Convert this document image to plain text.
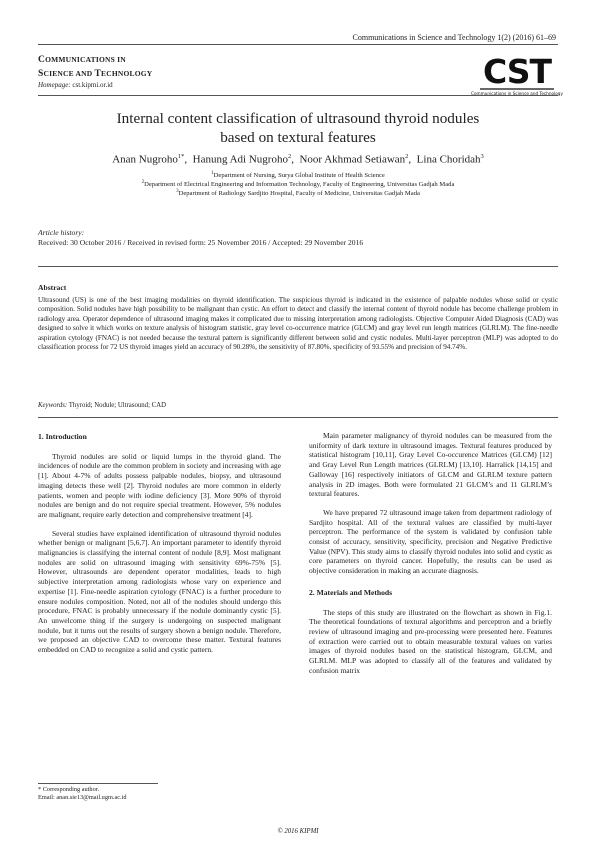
Communications in Science and Technology 1(2) (2016) 61–69
COMMUNICATIONS IN
SCIENCE AND TECHNOLOGY
Homepage: cst.kipmi.or.id	CST
Communications in Science and Technology
Internal content classification of ultrasound thyroid nodules
based on textural features
Anan Nugroho$^{1*}$,  Hanung Adi Nugroho$^2$,  Noor Akhmad Setiawan$^2$,  Lina Choridah$^3$
$^1$Department of Nursing, Surya Global Institute of Health Science
$^2$Department of Electrical Engineering and Information Technology, Faculty of Engineering, Universitas Gadjah Mada
$^3$Department of Radiology Sardjito Hospital, Faculty of Medicine, Universitas Gadjah Mada
Article history:
Received: 30 October 2016 / Received in revised form: 25 November 2016 / Accepted: 29 November 2016
Abstract
Ultrasound (US) is one of the best imaging modalities on thyroid identification. The suspicious thyroid is indicated in the existence of palpable nodules whose solid or cystic composition. Solid nodules have high possibility to be malignant than cystic. An effort to detect and classify the internal content of thyroid nodule has become challenge problem in radiology area. Operator dependence of ultrasound imaging makes it complicated due to missing interpretation among radiologists. Objective Computer Aided Diagnosis (CAD) was designed to solve it which works on texture analysis of histogram statistic, gray level co-occurrence matrice (GLCM) and gray level run length matrices (GLRLM). The fine-needle aspiration cytology (FNAC) is not needed because the textural pattern is significantly different between solid and cystic nodules. Multi-layer perceptron (MLP) was adopted to do classification process for 72 US thyroid images yield an accuracy of 90.28%, the sensitivity of 87.80%, specificity of 93.55% and precision of 94.74%.
Keywords: Thyroid; Nodule; Ultrasound; CAD
1. Introduction

Thyroid nodules are solid or liquid lumps in the thyroid gland. The incidences of nodule are the common problem in society and increasing with age [1]. About 4-7% of adults possess palpable nodules, biopsy, and ultrasound imaging detects these well [2]. Thyroid nodules are more common in elderly patients, women and people with iodine deficiency [3]. More 90% of thyroid nodules are benign and do not require special treatment. However, 5% nodules are malignant, require early detection and comprehensive treatment [4].

Several studies have explained identification of ultrasound thyroid nodules whether benign or malignant [5,6,7]. An important parameter to identify thyroid malignancies is classifying the internal content of nodule [8,9]. Most malignant nodules are solid on ultrasound imaging with sensitivity 69%-75% [5]. However, ultrasounds are dependent operator modalities, leads to high subjective interpretation among radiologists whose vary on experience and expertise [1]. Fine-needle aspiration cytology (FNAC) is a further procedure to ensure nodules composition. Noted, not all of the nodules should undergo this procedure, FNAC is probably unnecessary if the nodule dominantly cystic [5]. An unwelcome thing if the surgery is undergoing on suspected malignant nodule, but it turns out the results of surgery shown a benign nodule. Therefore, we proposed an objective CAD to overcome these matter. Textural features embedded on CAD to recognize a solid and cystic pattern.

Main parameter malignancy of thyroid nodules can be measured from the uniformity of dark texture in ultrasound images. Textural features produced by statistical histogram [10,11], Gray Level Co-occurence Matrices (GLCM) [12] and Gray Level Run Length matrices (GLRLM) [13,10]. Harralick [14,15] and Galloway [16] respectively initiators of GLCM and GLRLM texture pattern analysis in 2D images. Both were formulated 21 GLCM’s and 11 GLRLM’s textural features.

We have prepared 72 ultrasound image taken from department radiology of Sardjito hospital. All of the textural values are classified by multi-layer perceptron. The performance of the system is validated by confusion table consist of accuracy, sensitivity, specificity, precision and Negative Predictive Value (NPV). This study aims to classify thyroid nodules into solid and cystic as core parameters on thyroid cancer. Hopefully, the results can be used as objective consideration in making an accurate diagnosis.

2. Materials and Methods

The steps of this study are illustrated on the flowchart as shown in Fig.1. The theoretical foundations of textural algorithms and perceptron and a briefly review of ultrasound imaging and pre-processing were presented here. Features of extraction were carried out to obtain measurable textural values on varies images of thyroid nodules based on the statistical histogram, GLCM, and GLRLM. MLP was adopted to classify all of the features and validated by confusion matrix

* Corresponding author.
Email: anan.sie13@mail.ugm.ac.id
© 2016 KIPMI
